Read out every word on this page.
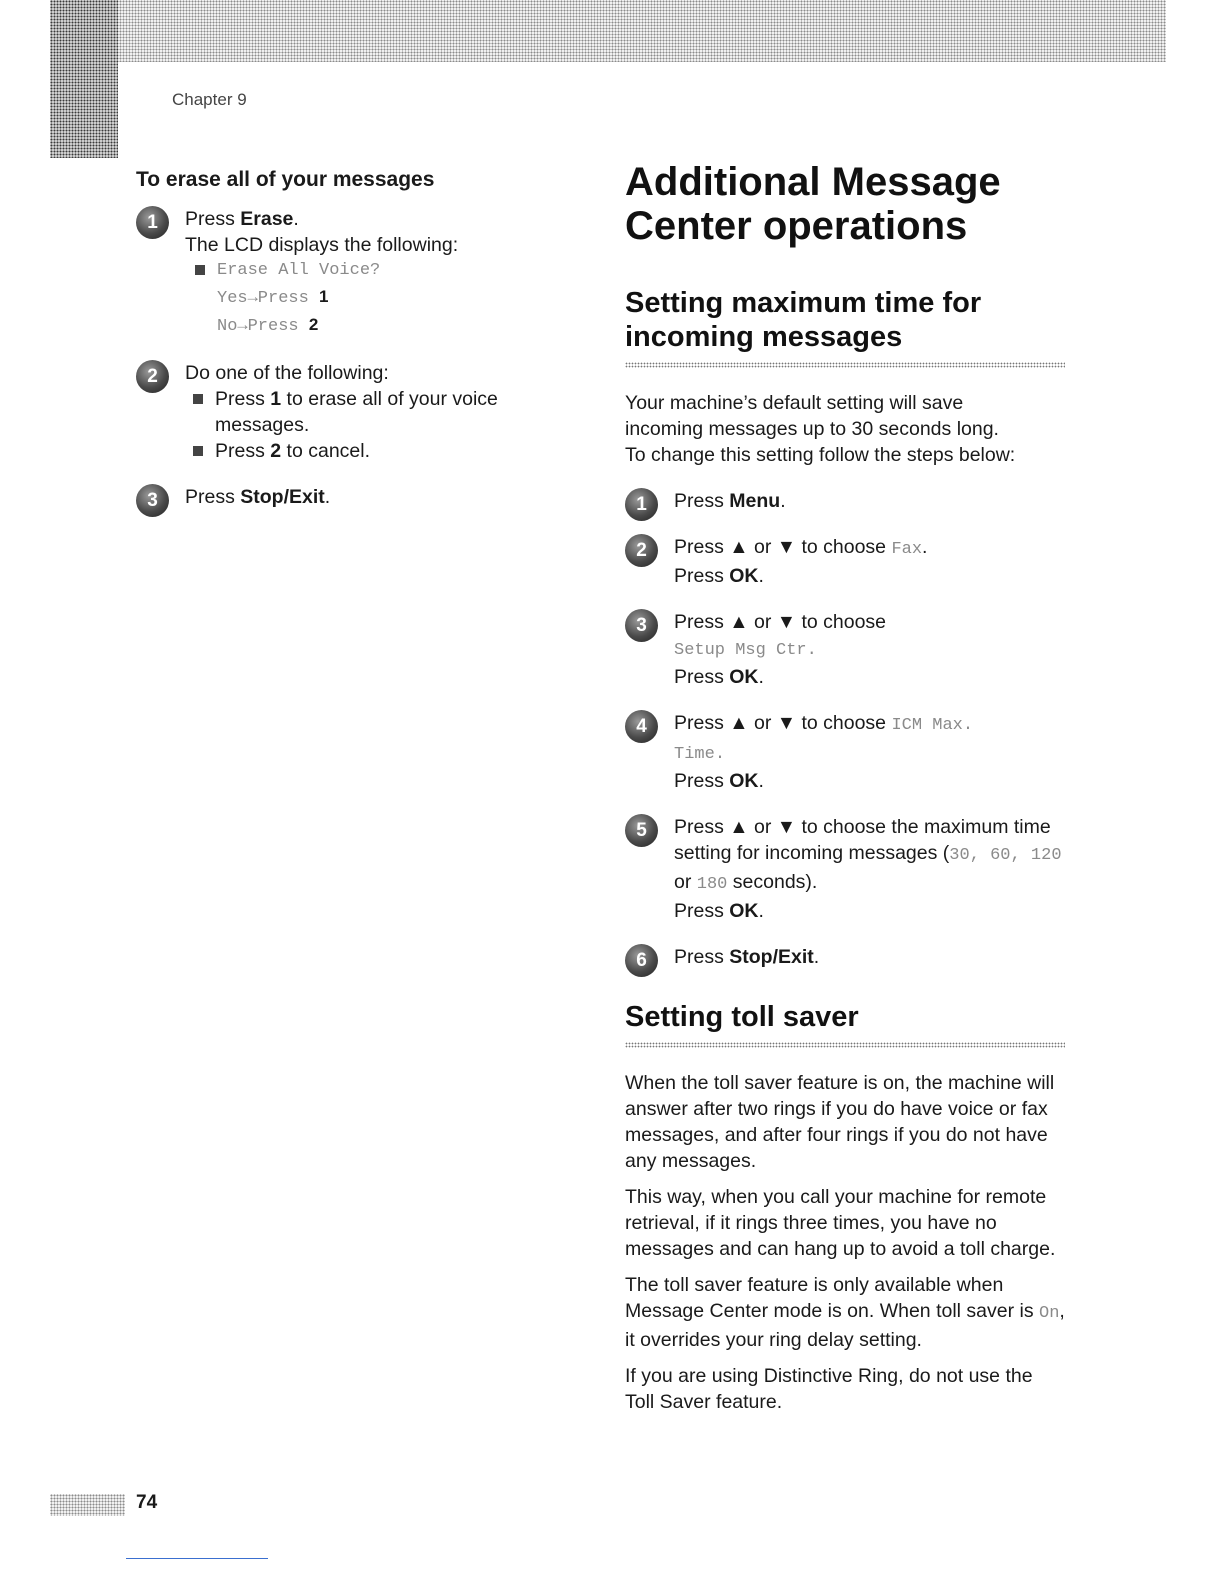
Chapter 9
To erase all of your messages
1	Press Erase.
The LCD displays the following:
Erase All Voice?
Yes→Press 1
No→Press 2
2	Do one of the following:
Press 1 to erase all of your voice messages.
Press 2 to cancel.
3	Press Stop/Exit.
Additional Message
Center operations
Setting maximum time for
incoming messages

Your machine’s default setting will save
incoming messages up to 30 seconds long.
To change this setting follow the steps below:

1	Press Menu.
2	Press ▲ or ▼ to choose Fax.
Press OK.
3	Press ▲ or ▼ to choose
Setup Msg Ctr.
Press OK.
4	Press ▲ or ▼ to choose ICM Max.
Time.
Press OK.
5	Press ▲ or ▼ to choose the maximum time setting for incoming messages (30, 60, 120 or 180 seconds).
Press OK.
6	Press Stop/Exit.
Setting toll saver

When the toll saver feature is on, the machine will answer after two rings if you do have voice or fax messages, and after four rings if you do not have any messages.

This way, when you call your machine for remote retrieval, if it rings three times, you have no messages and can hang up to avoid a toll charge.

The toll saver feature is only available when Message Center mode is on. When toll saver is On, it overrides your ring delay setting.

If you are using Distinctive Ring, do not use the Toll Saver feature.

74
